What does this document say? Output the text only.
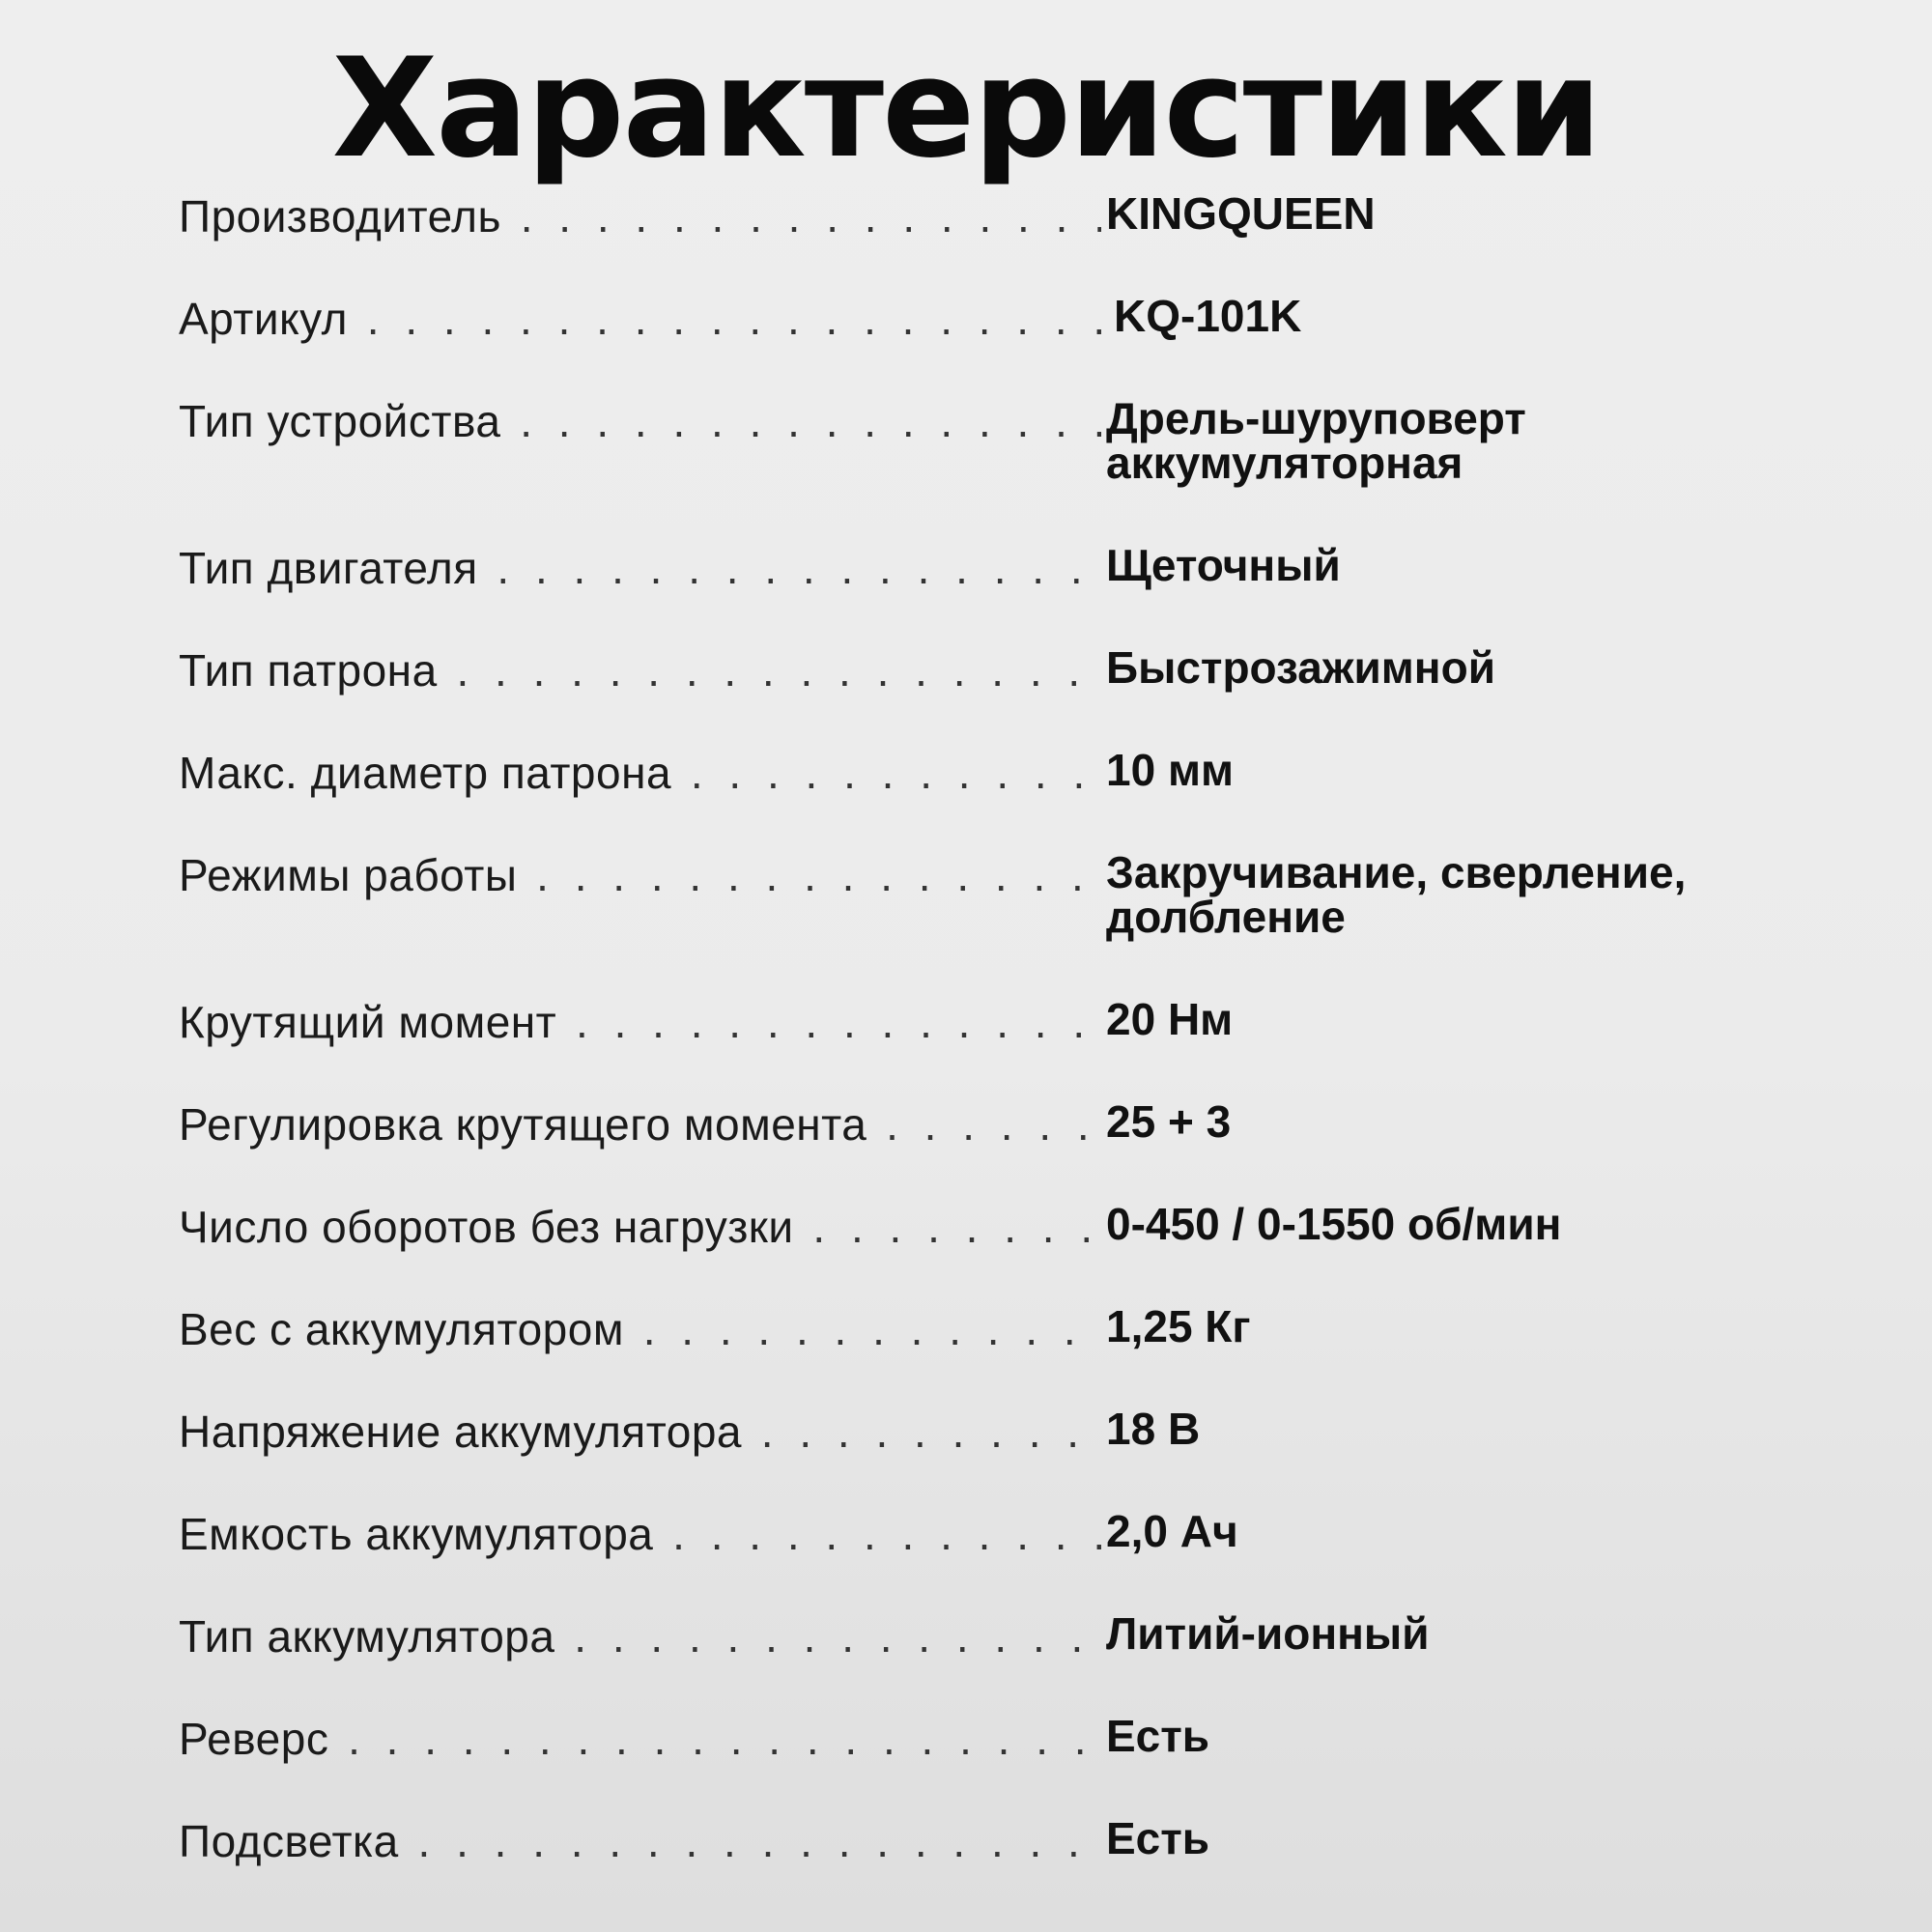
Характеристики
Производитель . . .	KINGQUEEN
Артикул . . .	KQ-101K
Тип устройства . . .	Дрель-шуруповерт аккумуляторная
Тип двигателя . . .	Щеточный
Тип патрона . . .	Быстрозажимной
Макс. диаметр патрона . . .	10 мм
Режимы работы . . .	Закручивание, сверление, долбление
Крутящий момент . . .	20 Нм
Регулировка крутящего момента . . .	25 + 3
Число оборотов без нагрузки . . .	0-450 / 0-1550 об/мин
Вес с аккумулятором . . .	1,25 Кг
Напряжение аккумулятора . . .	18 В
Емкость аккумулятора . . .	2,0 Ач
Тип аккумулятора . . .	Литий-ионный
Реверс . . .	Есть
Подсветка . . .	Есть
